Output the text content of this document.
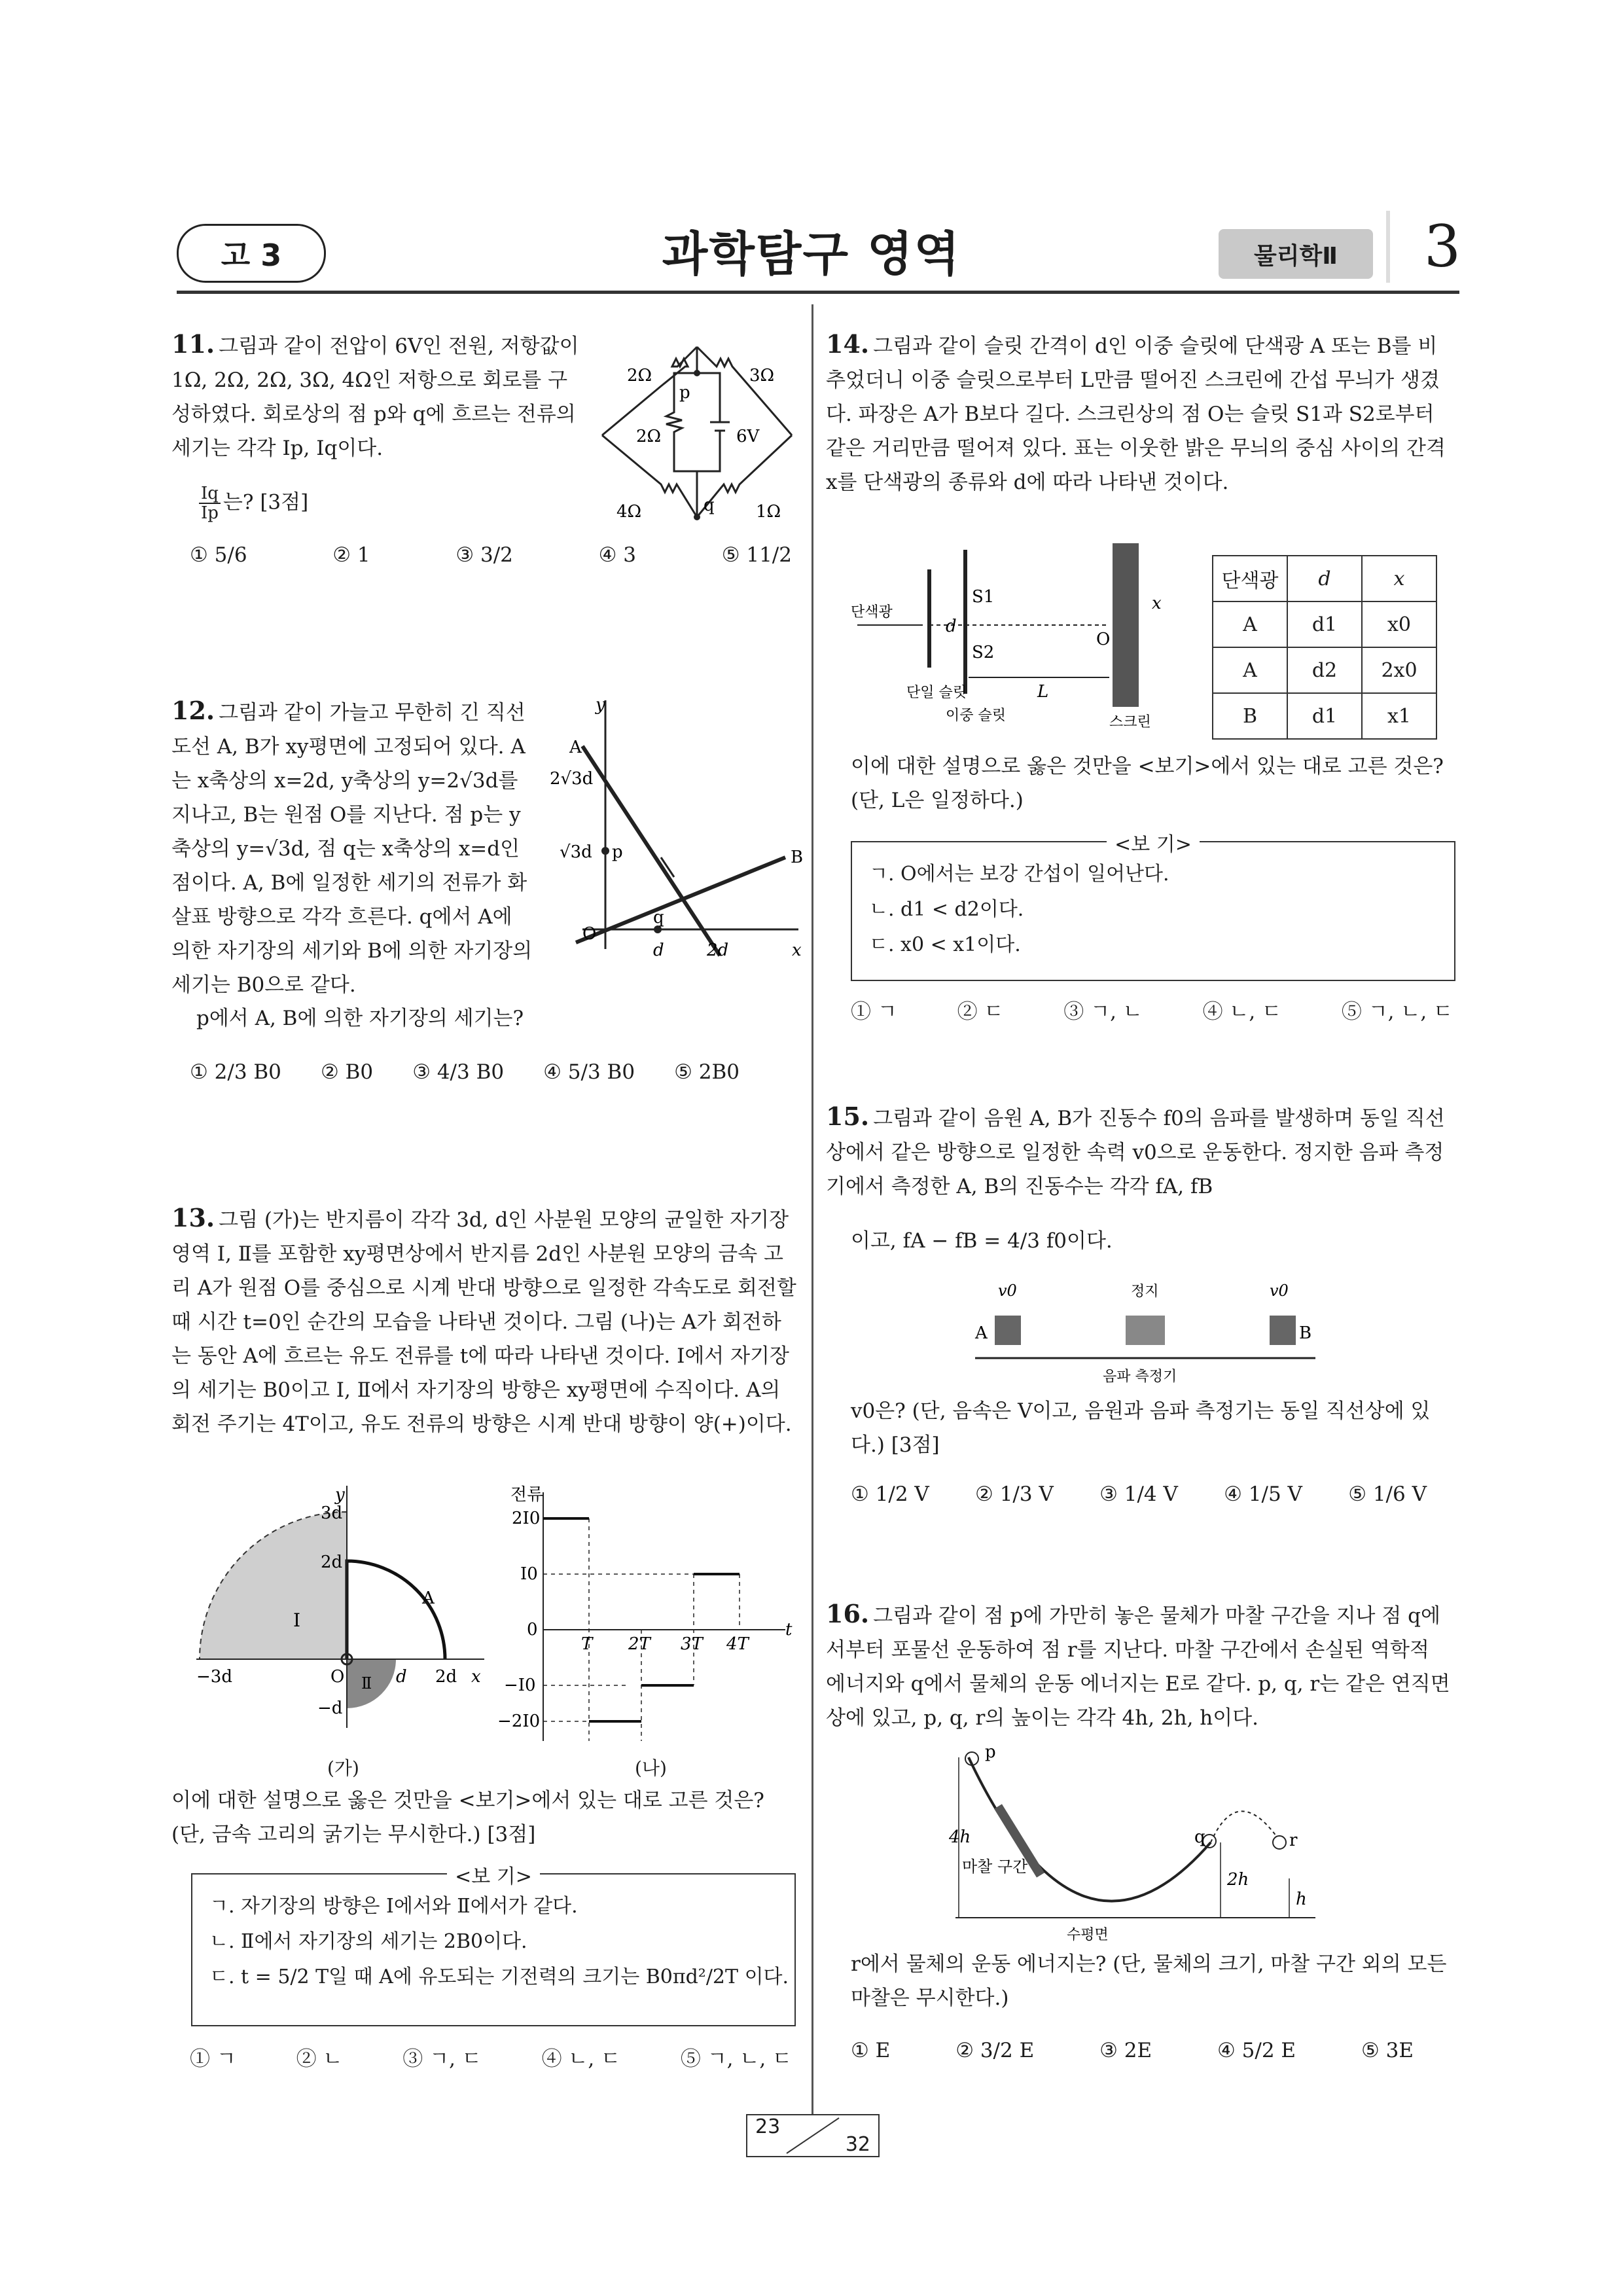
고 3	과학탐구 영역	물리학Ⅱ	3
11. 그림과 같이 전압이 6V인 전원, 저항값이 1Ω, 2Ω, 2Ω, 3Ω, 4Ω인 저항으로 회로를 구성하였다. 회로상의 점 p와 q에 흐르는 전류의 세기는 각각 Ip, Iq이다.
$\frac{Iq}{Ip}$ 는? [3점]
① 5/6	② 1	③ 3/2	④ 3	⑤ 11/2
2Ω	3Ω
2Ω	6V
4Ω	1Ω
p
q
12. 그림과 같이 가늘고 무한히 긴 직선 도선 A, B가 xy평면에 고정되어 있다. A는 x축상의 x=2d, y축상의 y=2√3d를 지나고, B는 원점 O를 지난다. 점 p는 y축상의 y=√3d, 점 q는 x축상의 x=d인 점이다. A, B에 일정한 세기의 전류가 화살표 방향으로 각각 흐른다. q에서 A에 의한 자기장의 세기와 B에 의한 자기장의 세기는 B0으로 같다.
p에서 A, B에 의한 자기장의 세기는?
① 2/3 B0 ② B0 ③ 4/3 B0 ④ 5/3 B0 ⑤ 2B0
y
A
2√3d
√3d p	B
O
q
d	2d	x
13. 그림 (가)는 반지름이 각각 3d, d인 사분원 모양의 균일한 자기장 영역 Ⅰ, Ⅱ를 포함한 xy평면상에서 반지름 2d인 사분원 모양의 금속 고리 A가 원점 O를 중심으로 시계 반대 방향으로 일정한 각속도로 회전할 때 시간 t=0인 순간의 모습을 나타낸 것이다. 그림 (나)는 A가 회전하는 동안 A에 흐르는 유도 전류를 t에 따라 나타낸 것이다. Ⅰ에서 자기장의 세기는 B0이고 Ⅰ, Ⅱ에서 자기장의 방향은 xy평면에 수직이다. A의 회전 주기는 4T이고, 유도 전류의 방향은 시계 반대 방향이 양(+)이다.
y
3d
2d
A
Ⅰ
Ⅱ
−3d	O	d 2d x
−d
전류
2I0
I0
0
T 2T 3T 4T
t
−I0
−2I0
(가)	(나)
이에 대한 설명으로 옳은 것만을 <보기>에서 있는 대로 고른 것은? (단, 금속 고리의 굵기는 무시한다.) [3점]
<보 기>
ㄱ. 자기장의 방향은 Ⅰ에서와 Ⅱ에서가 같다.
ㄴ. Ⅱ에서 자기장의 세기는 2B0이다.
ㄷ. t = 5/2 T일 때 A에 유도되는 기전력의 크기는 B0πd²/2T 이다.
① ㄱ	② ㄴ	③ ㄱ, ㄷ	④ ㄴ, ㄷ	⑤ ㄱ, ㄴ, ㄷ
14. 그림과 같이 슬릿 간격이 d인 이중 슬릿에 단색광 A 또는 B를 비추었더니 이중 슬릿으로부터 L만큼 떨어진 스크린에 간섭 무늬가 생겼다. 파장은 A가 B보다 길다. 스크린상의 점 O는 슬릿 S1과 S2로부터 같은 거리만큼 떨어져 있다. 표는 이웃한 밝은 무늬의 중심 사이의 간격 x를 단색광의 종류와 d에 따라 나타낸 것이다.
단색광
S1
S2
d
O
x
L
단일 슬릿
이중 슬릿	스크린
단색광	d	x
A	d1	x0
A	d2	2x0
B	d1	x1
이에 대한 설명으로 옳은 것만을 <보기>에서 있는 대로 고른 것은? (단, L은 일정하다.)
<보 기>
ㄱ. O에서는 보강 간섭이 일어난다.
ㄴ. d1 < d2이다.
ㄷ. x0 < x1이다.
① ㄱ	② ㄷ	③ ㄱ, ㄴ	④ ㄴ, ㄷ	⑤ ㄱ, ㄴ, ㄷ
15. 그림과 같이 음원 A, B가 진동수 f0의 음파를 발생하며 동일 직선상에서 같은 방향으로 일정한 속력 v0으로 운동한다. 정지한 음파 측정기에서 측정한 A, B의 진동수는 각각 fA, fB
이고, fA − fB = 4/3 f0이다.
v0
A
정지	v0
B
음파 측정기
v0은? (단, 음속은 V이고, 음원과 음파 측정기는 동일 직선상에 있다.) [3점]
① 1/2 V ② 1/3 V ③ 1/4 V ④ 1/5 V ⑤ 1/6 V
16. 그림과 같이 점 p에 가만히 놓은 물체가 마찰 구간을 지나 점 q에서부터 포물선 운동하여 점 r를 지난다. 마찰 구간에서 손실된 역학적 에너지와 q에서 물체의 운동 에너지는 E로 같다. p, q, r는 같은 연직면상에 있고, p, q, r의 높이는 각각 4h, 2h, h이다.
p
4h
마찰 구간
q
2h
r
h
수평면
r에서 물체의 운동 에너지는? (단, 물체의 크기, 마찰 구간 외의 모든 마찰은 무시한다.)
① E	② 3/2 E	③ 2E	④ 5/2 E	⑤ 3E
23
32
